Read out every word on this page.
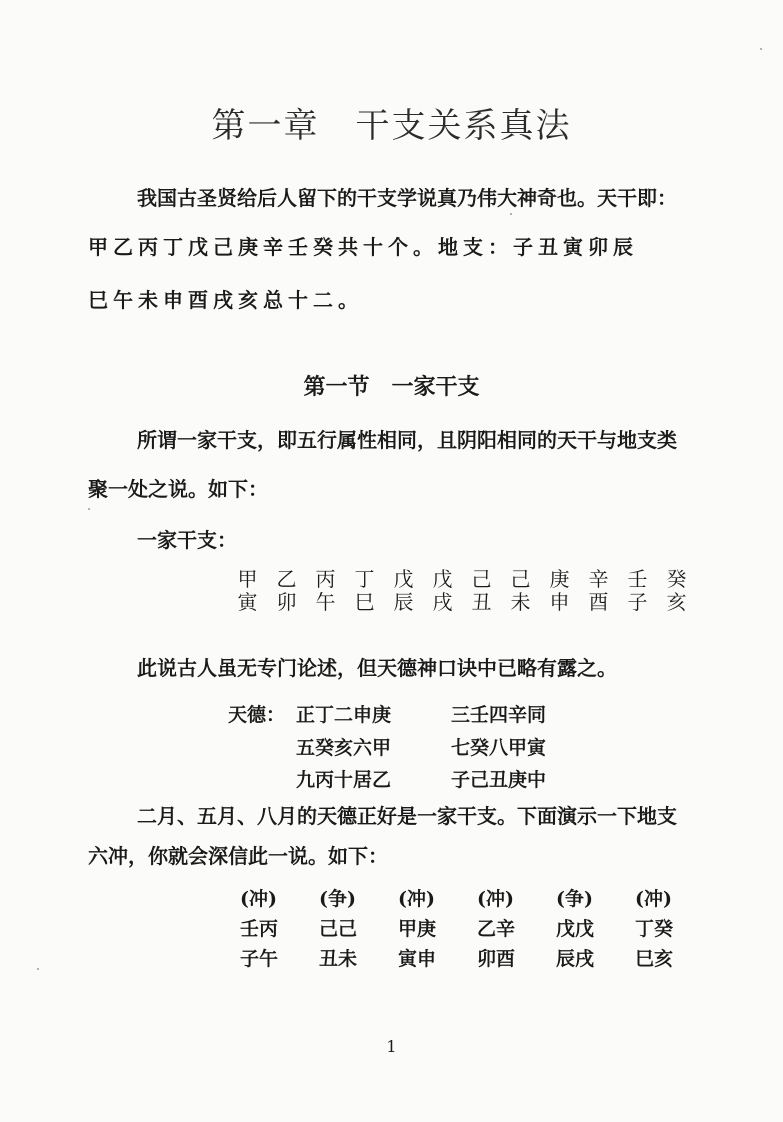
第一章　干支关系真法
我国古圣贤给后人留下的干支学说真乃伟大神奇也。天干即：
甲乙丙丁戊己庚辛壬癸共十个。地支：子丑寅卯辰
巳午未申酉戌亥总十二。
第一节　一家干支
所谓一家干支，即五行属性相同，且阴阳相同的天干与地支类
聚一处之说。如下：
一家干支：
甲 乙 丙 丁 戊 戊 己 己 庚 辛 壬 癸
寅 卯 午 巳 辰 戌 丑 未 申 酉 子 亥
此说古人虽无专门论述，但天德神口诀中已略有露之。
天德： 正丁二申庚	三壬四辛同
五癸亥六甲	七癸八甲寅
九丙十居乙	子己丑庚中
二月、五月、八月的天德正好是一家干支。下面演示一下地支
六冲，你就会深信此一说。如下：
(冲)	(争)	(冲)	(冲)	(争)	(冲)
壬丙	己己	甲庚	乙辛	戊戊	丁癸
子午	丑未	寅申	卯酉	辰戌	巳亥
1
